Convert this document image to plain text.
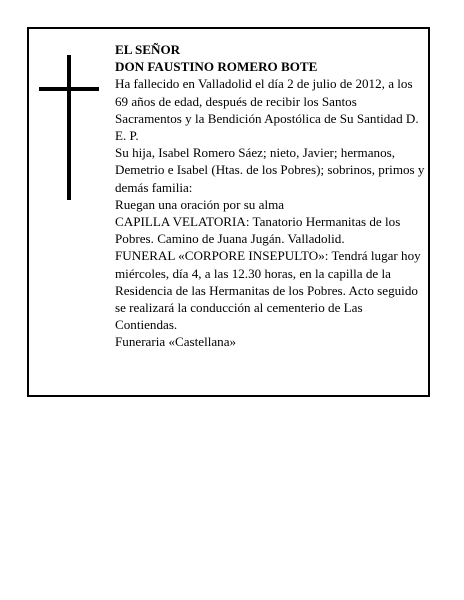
EL SEÑOR

DON FAUSTINO ROMERO BOTE

Ha fallecido en Valladolid el día 2 de julio de 2012, a los 69 años de edad, después de recibir los Santos Sacramentos y la Bendición Apostólica de Su Santidad D. E. P.

Su hija, Isabel Romero Sáez; nieto, Javier; hermanos, Demetrio e Isabel (Htas. de los Pobres); sobrinos, primos y demás familia:

Ruegan una oración por su alma

CAPILLA VELATORIA: Tanatorio Hermanitas de los Pobres. Camino de Juana Jugán. Valladolid.

FUNERAL «CORPORE INSEPULTO»: Tendrá lugar hoy miércoles, día 4, a las 12.30 horas, en la capilla de la Residencia de las Hermanitas de los Pobres. Acto seguido se realizará la conducción al cementerio de Las Contiendas.

Funeraria «Castellana»
